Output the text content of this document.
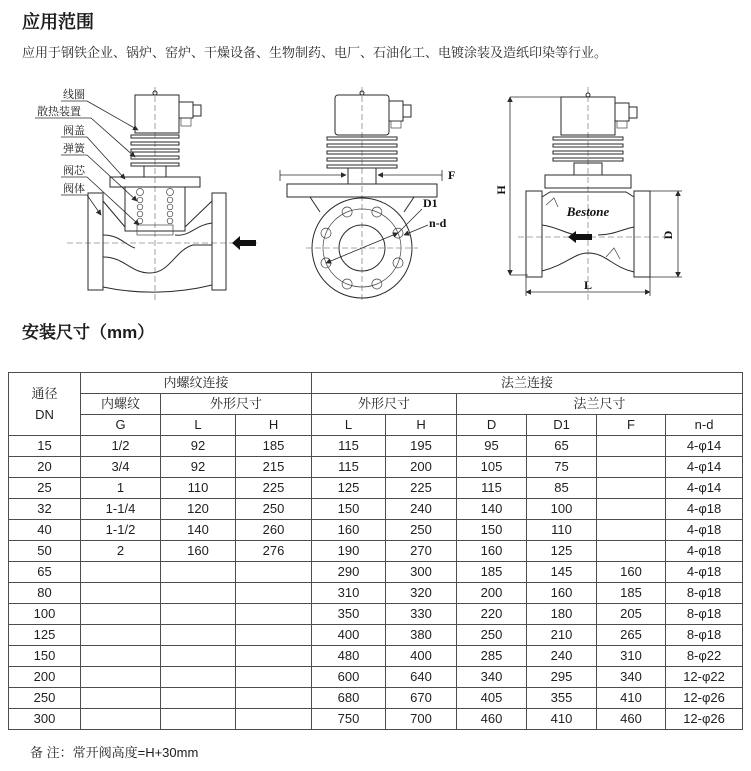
应用范围
应用于钢铁企业、锅炉、窑炉、干燥设备、生物制药、电厂、石油化工、电镀涂装及造纸印染等行业。
线圈
散热装置
阀盖
弹簧
阀芯
阀体
F
D1
n-d
Bestone
H
D
L
安装尺寸（mm）
通径
DN	内螺纹连接			法兰连接					
	内螺纹	外形尺寸		外形尺寸		法兰尺寸			
	G	L	H	L	H	D	D1	F	n-d
15	1/2	92	185	115	195	95	65		4-φ14
20	3/4	92	215	115	200	105	75		4-φ14
25	1	110	225	125	225	115	85		4-φ14
32	1-1/4	120	250	150	240	140	100		4-φ18
40	1-1/2	140	260	160	250	150	110		4-φ18
50	2	160	276	190	270	160	125		4-φ18
65				290	300	185	145	160	4-φ18
80				310	320	200	160	185	8-φ18
100				350	330	220	180	205	8-φ18
125				400	380	250	210	265	8-φ18
150				480	400	285	240	310	8-φ22
200				600	640	340	295	340	12-φ22
250				680	670	405	355	410	12-φ26
300				750	700	460	410	460	12-φ26
备 注：常开阀高度=H+30mm
